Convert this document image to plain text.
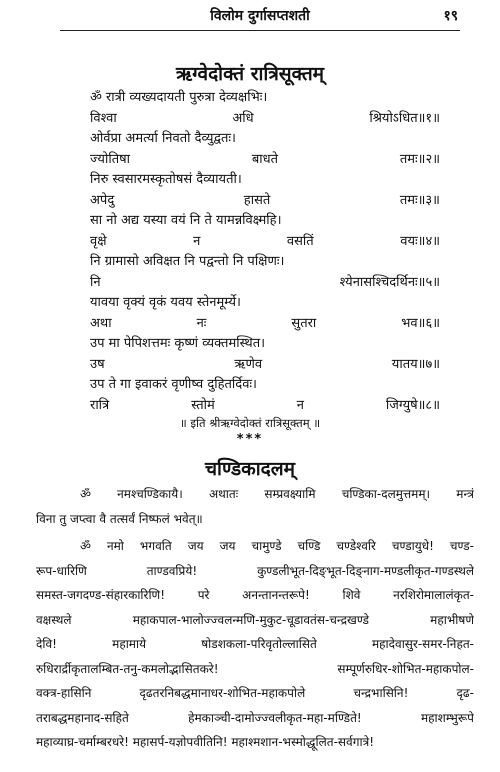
विलोम दुर्गासप्तशती	१९
ऋग्वेदोक्तं रात्रिसूक्तम्
ॐ रात्री व्यख्यदायती पुरुत्रा देव्यक्षभिः।
विश्वा	अधि	श्रियोऽधित॥१॥
ओर्वप्रा अमर्त्या निवतो दैव्युद्वतः।
ज्योतिषा	बाधते	तमः॥२॥
निरु स्वसारमस्कृतोषसं दैव्यायती।
अपेदु	हासते	तमः॥३॥
सा नो अद्य यस्या वयं नि ते यामन्नविक्ष्महि।
वृक्षे	न	वसतिं	वयः॥४॥
नि ग्रामासो अविक्षत नि पद्वन्तो नि पक्षिणः।
नि	श्येनासश्चिदर्थिनः॥५॥
यावया वृक्यं वृकं यवय स्तेनमूर्म्ये।
अथा	नः	सुतरा	भव॥६॥
उप मा पेपिशत्तमः कृष्णं व्यक्तमस्थित।
उष	ऋणेव	यातय॥७॥
उप ते गा इवाकरं वृणीष्व दुहितर्दिवः।
रात्रि	स्तोमं	न	जिग्युषे॥८॥
॥ इति श्रीऋग्वेदोक्तं रात्रिसूक्तम् ॥
***
चण्डिकादलम्
ॐ नमश्चण्डिकायै। अथातः सम्प्रवक्ष्यामि चण्डिका-दलमुत्तमम्। मन्त्रं
विना तु जप्त्वा वै तत्सर्वं निष्फलं भवेत्॥
ॐ नमो भगवति जय जय चामुण्डे चण्डि चण्डेश्वरि चण्डायुधे! चण्ड-
रूप-धारिणि ताण्डवप्रिये! कुण्डलीभूत-दिङ्भूत-दिङ्नाग-मण्डलीकृत-गण्डस्थले
समस्त-जगदण्ड-संहारकारिणि! परे अनन्तानन्तरूपे! शिवे नरशिरोमालालंकृत-
वक्षस्थले महाकपाल-भालोज्ज्वलन्मणि-मुकुट-चूडावतंस-चन्द्रखण्डे महाभीषणे
देवि! महामाये षोडशकला-परिवृतोल्लासिते महादेवासुर-समर-निहत-
रुधिरार्द्रीकृतालम्बित-तनु-कमलोद्भासितकरे! सम्पूर्णरुधिर-शोभित-महाकपोल-
वक्त्र-हासिनि दृढतरनिबद्धमानाधर-शोभित-महाकपोले चन्द्रभासिनि! दृढ-
तराबद्धमहानाद-सहिते हेमकाञ्ची-दामोज्ज्वलीकृत-महा-मण्डिते! महाशम्भुरूपे
महाव्याघ्र-चर्माम्बरधरे! महासर्प-यज्ञोपवीतिनि! महाश्मशान-भस्मोद्धूलित-सर्वगात्रे!
